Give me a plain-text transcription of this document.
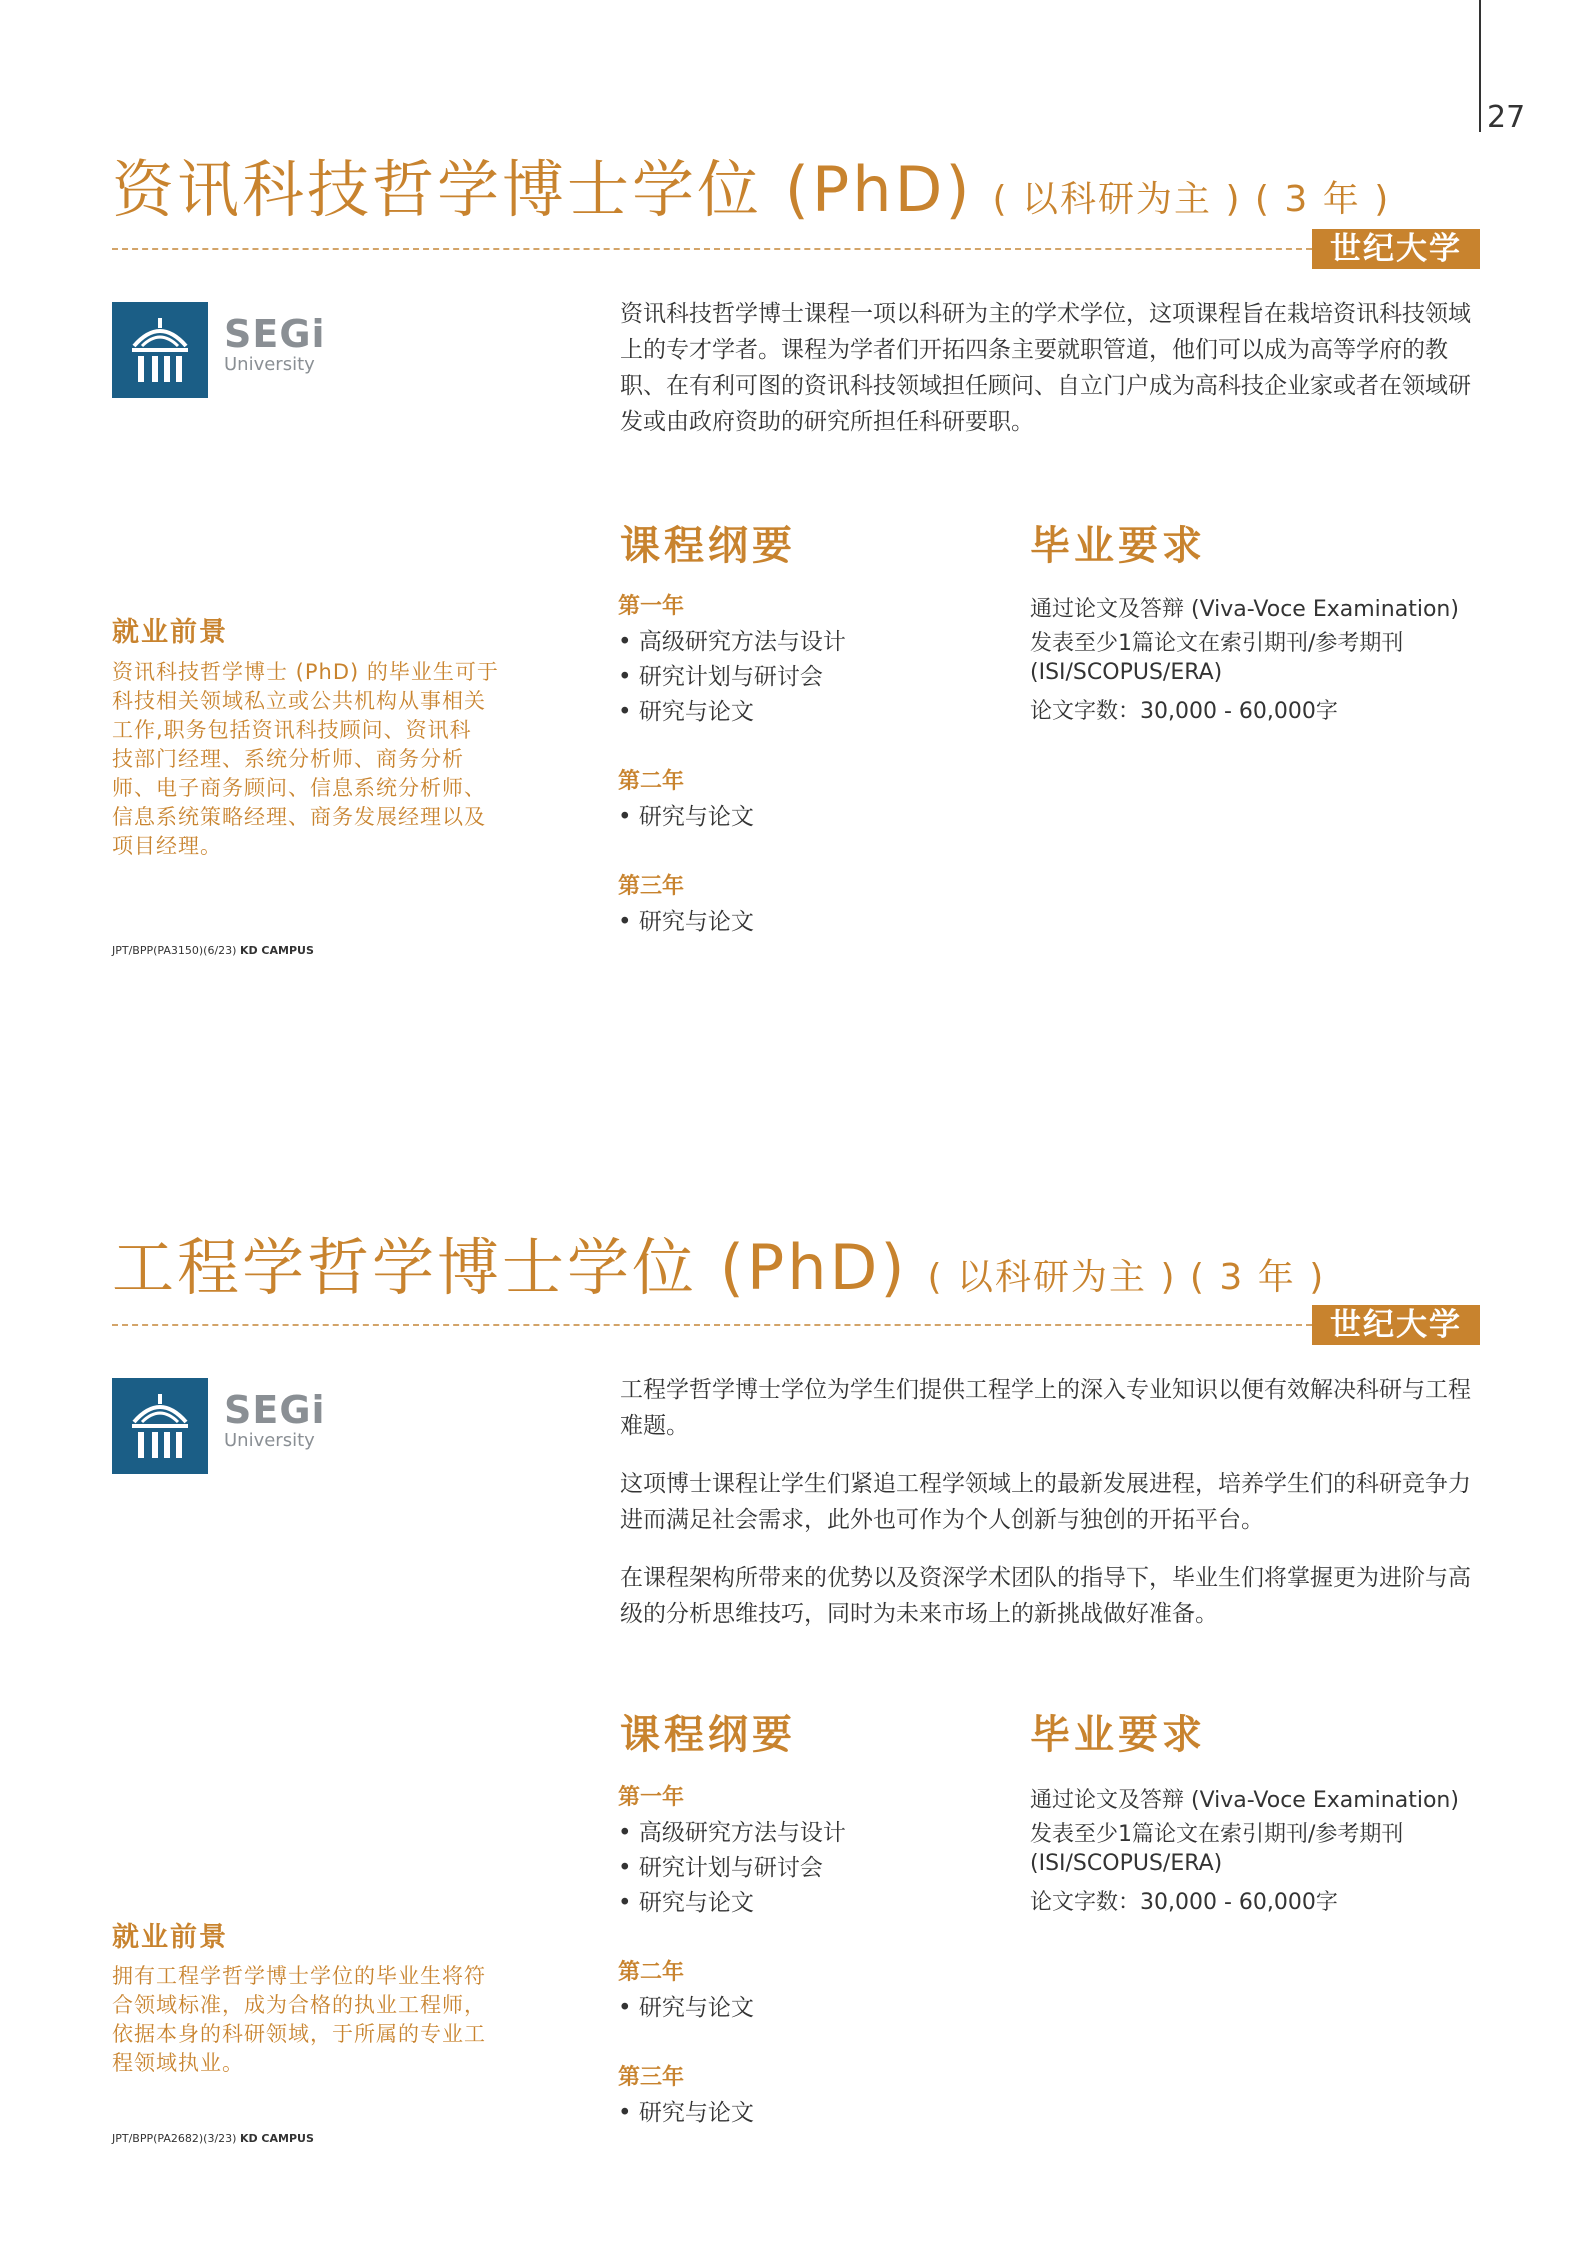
27
资讯科技哲学博士学位 (PhD) ( 以科研为主 ) ( 3 年 )
世纪大学
SEGi
University

资讯科技哲学博士课程一项以科研为主的学术学位，这项课程旨在栽培资讯科技领域上的专才学者。课程为学者们开拓四条主要就职管道，他们可以成为高等学府的教职、在有利可图的资讯科技领域担任顾问、自立门户成为高科技企业家或者在领域研发或由政府资助的研究所担任科研要职。

课程纲要	毕业要求
第一年
• 高级研究方法与设计
• 研究计划与研讨会
• 研究与论文
第二年
• 研究与论文
第三年
• 研究与论文
通过论文及答辩 (Viva-Voce Examination)
发表至少1篇论文在索引期刊/参考期刊
(ISI/SCOPUS/ERA)
论文字数：30,000 - 60,000字
就业前景
资讯科技哲学博士 (PhD) 的毕业生可于科技相关领域私立或公共机构从事相关工作,职务包括资讯科技顾问、资讯科　技部门经理、系统分析师、商务分析师、电子商务顾问、信息系统分析师、信息系统策略经理、商务发展经理以及项目经理。
JPT/BPP(PA3150)(6/23) KD CAMPUS
工程学哲学博士学位 (PhD) ( 以科研为主 ) ( 3 年 )
世纪大学
SEGi
University

工程学哲学博士学位为学生们提供工程学上的深入专业知识以便有效解决科研与工程难题。

这项博士课程让学生们紧追工程学领域上的最新发展进程，培养学生们的科研竞争力进而满足社会需求，此外也可作为个人创新与独创的开拓平台。

在课程架构所带来的优势以及资深学术团队的指导下，毕业生们将掌握更为进阶与高级的分析思维技巧，同时为未来市场上的新挑战做好准备。

课程纲要	毕业要求
第一年
• 高级研究方法与设计
• 研究计划与研讨会
• 研究与论文
第二年
• 研究与论文
第三年
• 研究与论文
通过论文及答辩 (Viva-Voce Examination)
发表至少1篇论文在索引期刊/参考期刊
(ISI/SCOPUS/ERA)
论文字数：30,000 - 60,000字
就业前景
拥有工程学哲学博士学位的毕业生将符合领域标准，成为合格的执业工程师，依据本身的科研领域，于所属的专业工程领域执业。
JPT/BPP(PA2682)(3/23) KD CAMPUS
